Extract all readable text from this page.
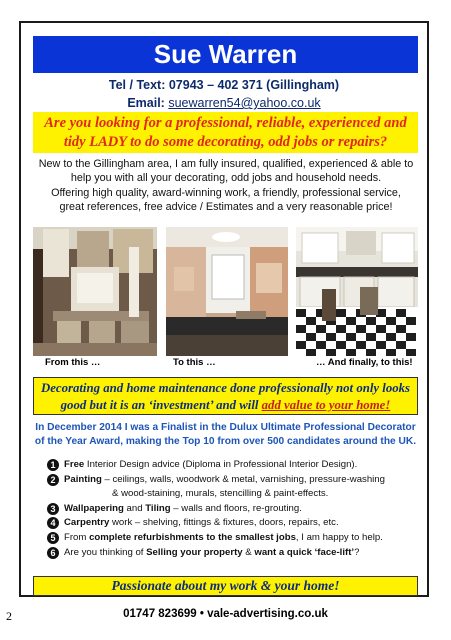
Sue Warren
Tel / Text: 07943 – 402 371 (Gillingham)
Email: suewarren54@yahoo.co.uk
Are you looking for a professional, reliable, experienced and tidy LADY to do some decorating, odd jobs or repairs?
New to the Gillingham area, I am fully insured, qualified, experienced & able to
help you with all your decorating, odd jobs and household needs.
Offering high quality, award-winning work, a friendly, professional service,
great references, free advice / Estimates and a very reasonable price!
From this …	To this …	… And finally, to this!
Decorating and home maintenance done professionally not only looks
good but it is an ‘investment’ and will add value to your home!
In December 2014 I was a Finalist in the Dulux Ultimate Professional Decorator of the Year Award, making the Top 10 from over 500 candidates around the UK.
1 Free Interior Design advice (Diploma in Professional Interior Design).
2 Painting – ceilings, walls, woodwork & metal, varnishing, pressure-washing
& wood-staining, murals, stencilling & paint-effects.
3 Wallpapering and Tiling – walls and floors, re-grouting.
4 Carpentry work – shelving, fittings & fixtures, doors, repairs, etc.
5 From complete refurbishments to the smallest jobs, I am happy to help.
6 Are you thinking of Selling your property & want a quick ‘face-lift’?
Passionate about my work & your home!
2	01747 823699 • vale-advertising.co.uk
